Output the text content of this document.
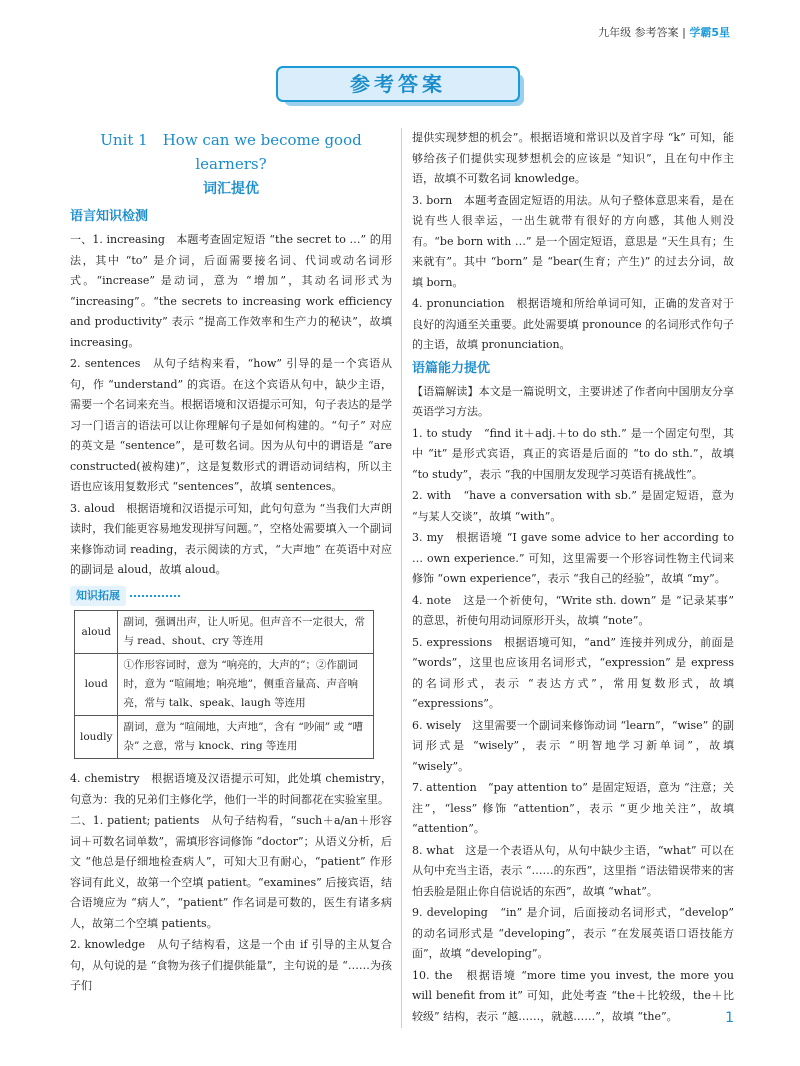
九年级 参考答案 | 学霸5星
参考答案
Unit 1　How can we become good learners?
词汇提优
语言知识检测

一、1. increasing　本题考查固定短语 “the secret to …” 的用法，其中 “to” 是介词，后面需要接名词、代词或动名词形式。“increase” 是动词，意为 “增加”，其动名词形式为 “increasing”。“the secrets to increasing work efficiency and productivity” 表示 “提高工作效率和生产力的秘诀”，故填 increasing。

2. sentences　从句子结构来看，“how” 引导的是一个宾语从句，作 “understand” 的宾语。在这个宾语从句中，缺少主语，需要一个名词来充当。根据语境和汉语提示可知，句子表达的是学习一门语言的语法可以让你理解句子是如何构建的。“句子” 对应的英文是 “sentence”，是可数名词。因为从句中的谓语是 “are constructed(被构建)”，这是复数形式的谓语动词结构，所以主语也应该用复数形式 “sentences”，故填 sentences。

3. aloud　根据语境和汉语提示可知，此句句意为 “当我们大声朗读时，我们能更容易地发现拼写问题。”，空格处需要填入一个副词来修饰动词 reading，表示阅读的方式，“大声地” 在英语中对应的副词是 aloud，故填 aloud。

知识拓展
aloud	副词，强调出声，让人听见。但声音不一定很大，常与 read、shout、cry 等连用
loud	①作形容词时，意为 “响亮的，大声的”；②作副词时，意为 “喧闹地；响亮地”，侧重音量高、声音响亮，常与 talk、speak、laugh 等连用
loudly	副词，意为 “喧闹地，大声地”，含有 “吵闹” 或 “嘈杂” 之意，常与 knock、ring 等连用

4. chemistry　根据语境及汉语提示可知，此处填 chemistry，句意为：我的兄弟们主修化学，他们一半的时间都花在实验室里。

二、1. patient; patients　从句子结构看，“such＋a/an＋形容词＋可数名词单数”，需填形容词修饰 “doctor”；从语义分析，后文 “他总是仔细地检查病人”，可知大卫有耐心，“patient” 作形容词有此义，故第一个空填 patient。“examines” 后接宾语，结合语境应为 “病人”，“patient” 作名词是可数的，医生有诸多病人，故第二个空填 patients。

2. knowledge　从句子结构看，这是一个由 if 引导的主从复合句，从句说的是 “食物为孩子们提供能量”，主句说的是 “……为孩子们

提供实现梦想的机会”。根据语境和常识以及首字母 “k” 可知，能够给孩子们提供实现梦想机会的应该是 “知识”，且在句中作主语，故填不可数名词 knowledge。

3. born　本题考查固定短语的用法。从句子整体意思来看，是在说有些人很幸运，一出生就带有很好的方向感，其他人则没有。“be born with …” 是一个固定短语，意思是 “天生具有；生来就有”。其中 “born” 是 “bear(生育；产生)” 的过去分词，故填 born。

4. pronunciation　根据语境和所给单词可知，正确的发音对于良好的沟通至关重要。此处需要填 pronounce 的名词形式作句子的主语，故填 pronunciation。

语篇能力提优

【语篇解读】本文是一篇说明文，主要讲述了作者向中国朋友分享英语学习方法。

1. to study　“find it＋adj.＋to do sth.” 是一个固定句型，其中 “it” 是形式宾语，真正的宾语是后面的 “to do sth.”，故填 “to study”，表示 “我的中国朋友发现学习英语有挑战性”。

2. with　“have a conversation with sb.” 是固定短语，意为 “与某人交谈”，故填 “with”。

3. my　根据语境 “I gave some advice to her according to … own experience.” 可知，这里需要一个形容词性物主代词来修饰 “own experience”，表示 “我自己的经验”，故填 “my”。

4. note　这是一个祈使句，“Write sth. down” 是 “记录某事” 的意思，祈使句用动词原形开头，故填 “note”。

5. expressions　根据语境可知，“and” 连接并列成分，前面是 “words”，这里也应该用名词形式，“expression” 是 express 的名词形式，表示 “表达方式”，常用复数形式，故填 “expressions”。

6. wisely　这里需要一个副词来修饰动词 “learn”，“wise” 的副词形式是 “wisely”，表示 “明智地学习新单词”，故填 “wisely”。

7. attention　“pay attention to” 是固定短语，意为 “注意；关注”，“less” 修饰 “attention”，表示 “更少地关注”，故填 “attention”。

8. what　这是一个表语从句，从句中缺少主语，“what” 可以在从句中充当主语，表示 “……的东西”，这里指 “语法错误带来的害怕丢脸是阻止你自信说话的东西”，故填 “what”。

9. developing　“in” 是介词，后面接动名词形式，“develop” 的动名词形式是 “developing”，表示 “在发展英语口语技能方面”，故填 “developing”。

10. the　根据语境 “more time you invest, the more you will benefit from it” 可知，此处考查 “the＋比较级，the＋比较级” 结构，表示 “越……，就越……”，故填 “the”。	1
